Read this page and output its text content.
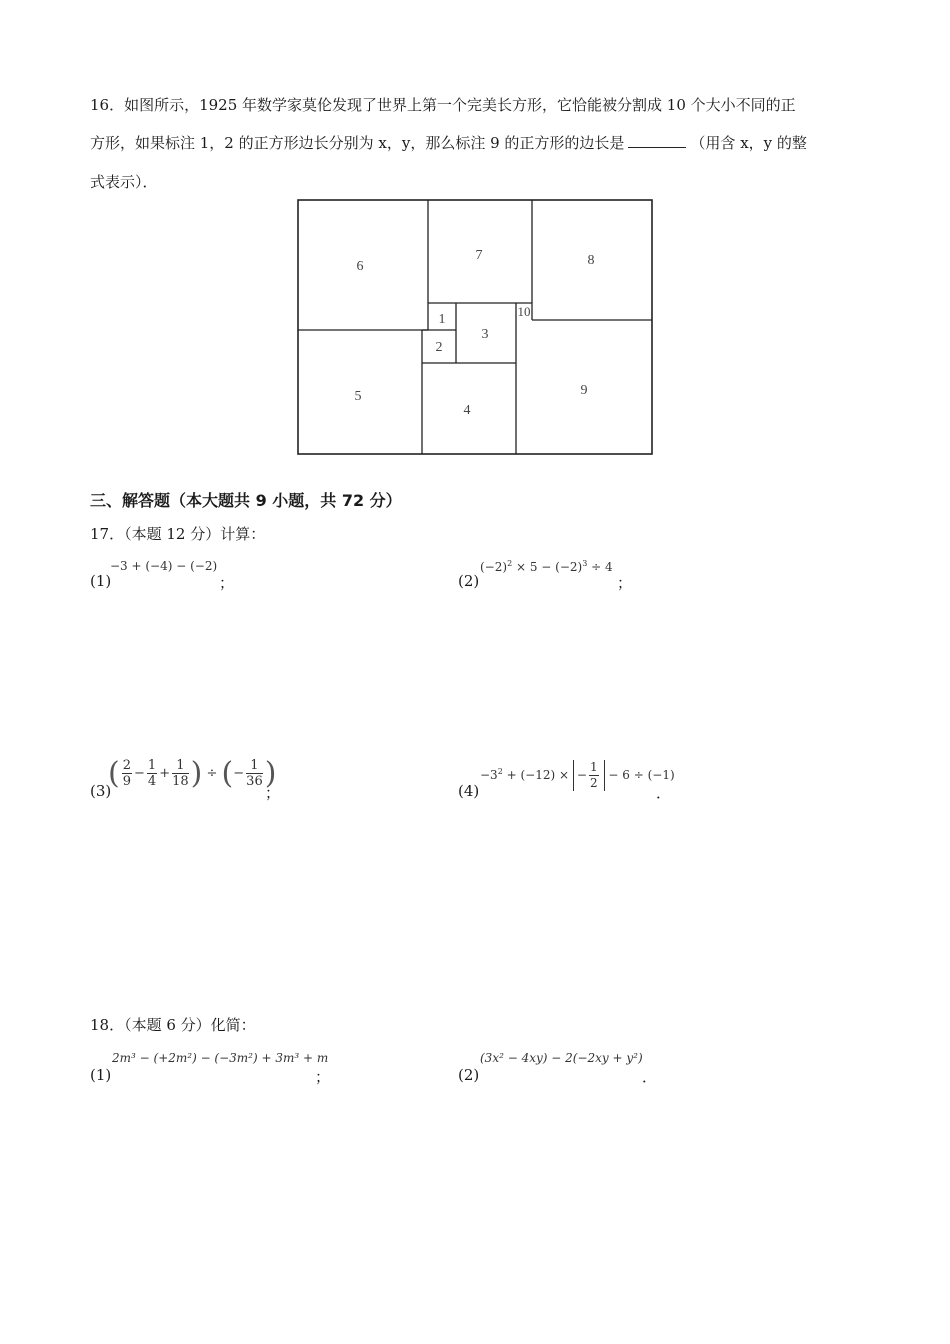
16．如图所示，1925 年数学家莫伦发现了世界上第一个完美长方形，它恰能被分割成 10 个大小不同的正
方形，如果标注 1，2 的正方形边长分别为 x，y，那么标注 9 的正方形的边长是	（用含 x，y 的整
式表示）．
6
7	8
1
2
3
10
5
4
9
三、解答题（本大题共 9 小题，共 72 分）
17．（本题 12 分）计算：
(1)
−3 + (−4) − (−2)
；	(2)
$(-2)^2 \times 5 - (-2)^3 \div 4$
；
(3)
( $\frac{2}{9} - \frac{1}{4} + \frac{1}{18}$ ) ÷ (− $\frac{1}{36}$ )
；	(4)
$-3^2 + (-12)$ × − $\frac{1}{2} - 6 \div (-1)$
．
18．（本题 6 分）化简：
(1)
2m³ − (+2m²) − (−3m²) + 3m³ + m
；	(2)
(3x² − 4xy) − 2(−2xy + y²)
．
